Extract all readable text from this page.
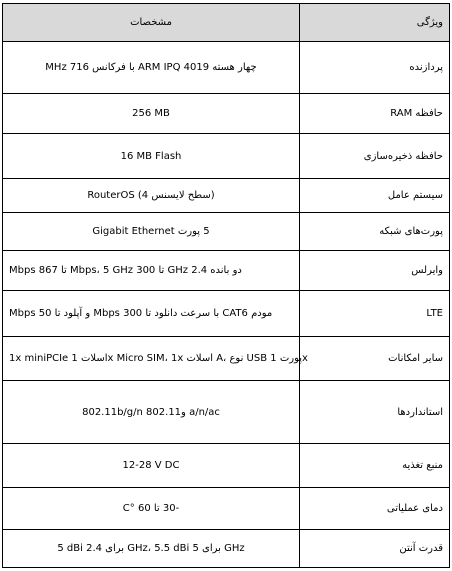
مشخصات	ویژگی
چهار هسته ARM IPQ 4019 با فرکانس 716 MHz	پردازنده
256 MB	حافظه RAM
16 MB Flash	حافظه ذخیره‌سازی
RouterOS (سطح لایسنس 4)	سیستم عامل
5 پورت Gigabit Ethernet	پورت‌های شبکه
دو بانده 2.4 GHz تا 300 Mbps، 5 GHz تا 867 Mbps	وایرلس
مودم CAT6 با سرعت دانلود تا 300 Mbps و آپلود تا 50 Mbps	LTE
1x miniPCIe اسلات 1x Micro SIM، 1x اسلات A، نوع USB پورت 1x	سایر امکانات
802.11b/g/n و802.11 a/n/ac	استانداردها
12-28 V DC	منبع تغذیه
-30 تا 60 °C	دمای عملیاتی
5 dBi برای 2.4 GHz، 5.5 dBi برای 5 GHz	قدرت آنتن
